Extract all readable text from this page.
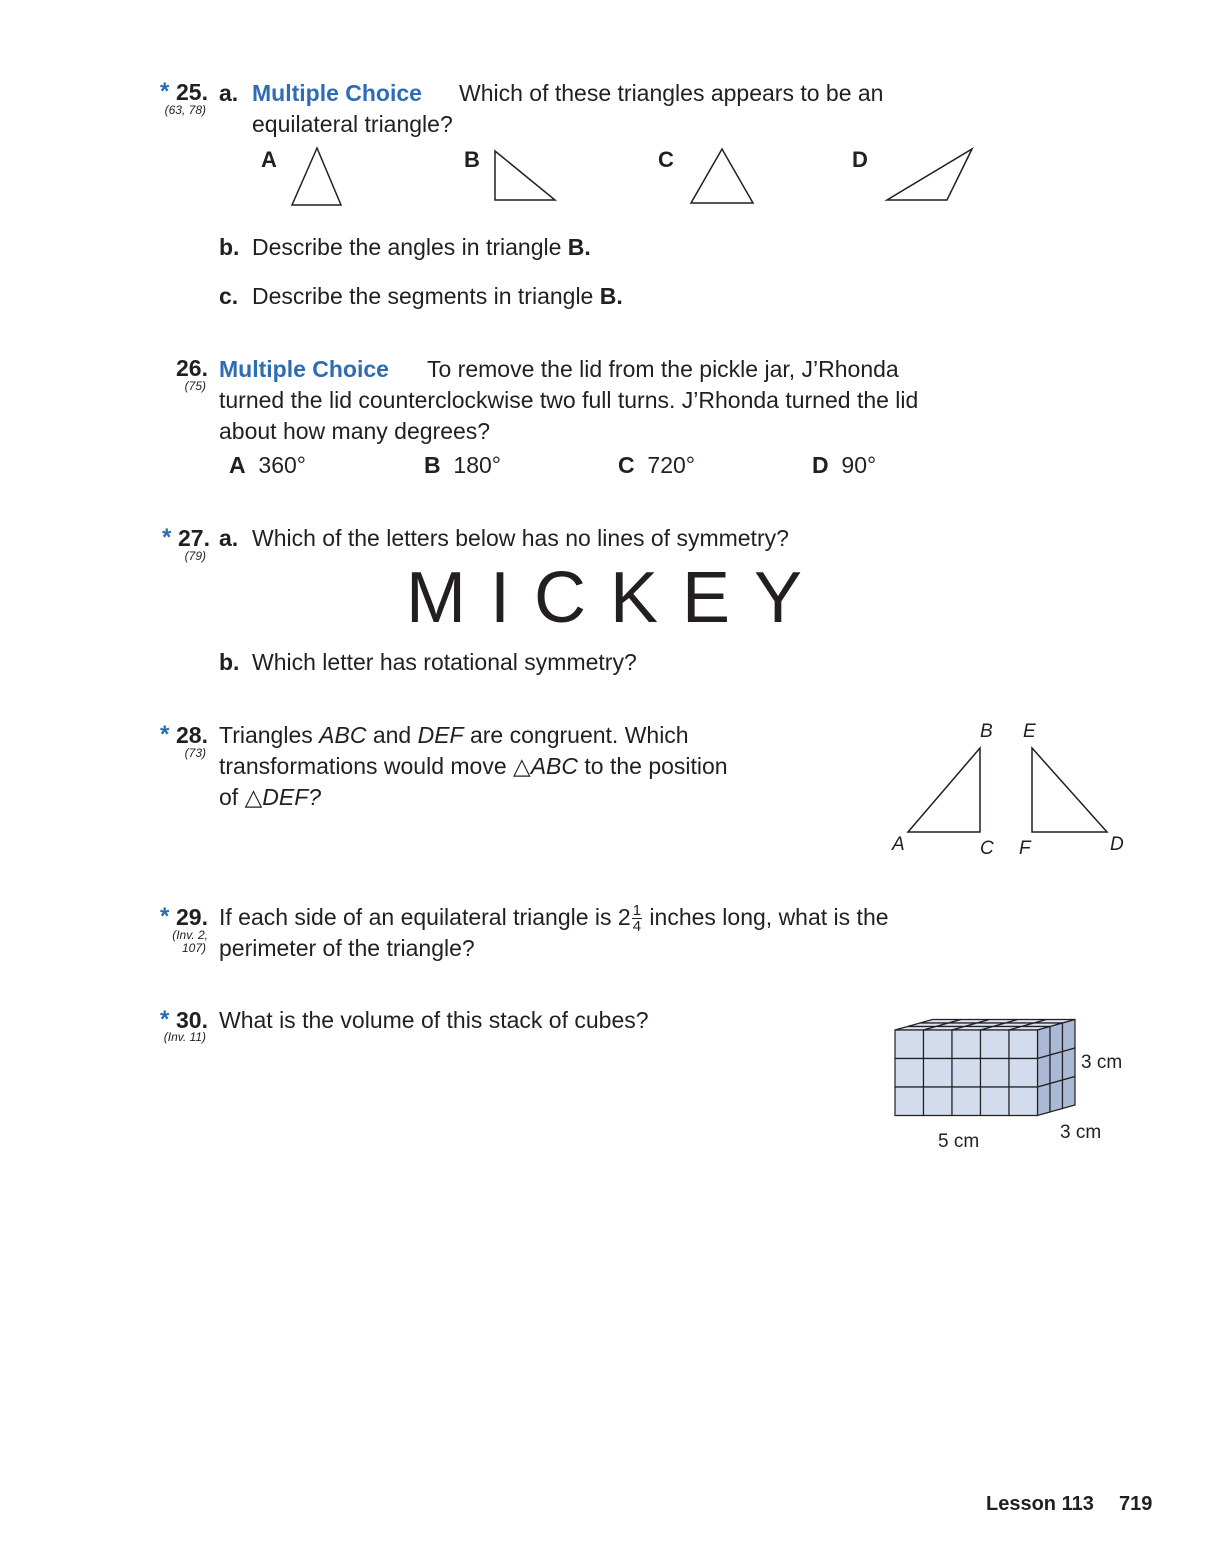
* 25.
(63, 78)
a. Multiple Choice Which of these triangles appears to be an
equilateral triangle?
A	B	C	D
b. Describe the angles in triangle B.
c. Describe the segments in triangle B.
26.
(75)
Multiple Choice To remove the lid from the pickle jar, J’Rhonda
turned the lid counterclockwise two full turns. J’Rhonda turned the lid
about how many degrees?
A 360°	B 180°	C 720°	D 90°
* 27.
(79)
a. Which of the letters below has no lines of symmetry?
MICKEY
b. Which letter has rotational symmetry?
* 28.
(73)
Triangles ABC and DEF are congruent. Which
transformations would move △ABC to the position
of △DEF?
B E
A	C F	D
* 29.
(Inv. 2,
107)
If each side of an equilateral triangle is $2 \frac{1}{4}$ inches long, what is the
perimeter of the triangle?
* 30.
(Inv. 11)
What is the volume of this stack of cubes?
5 cm	3 cm
3 cm
Lesson 113 719
